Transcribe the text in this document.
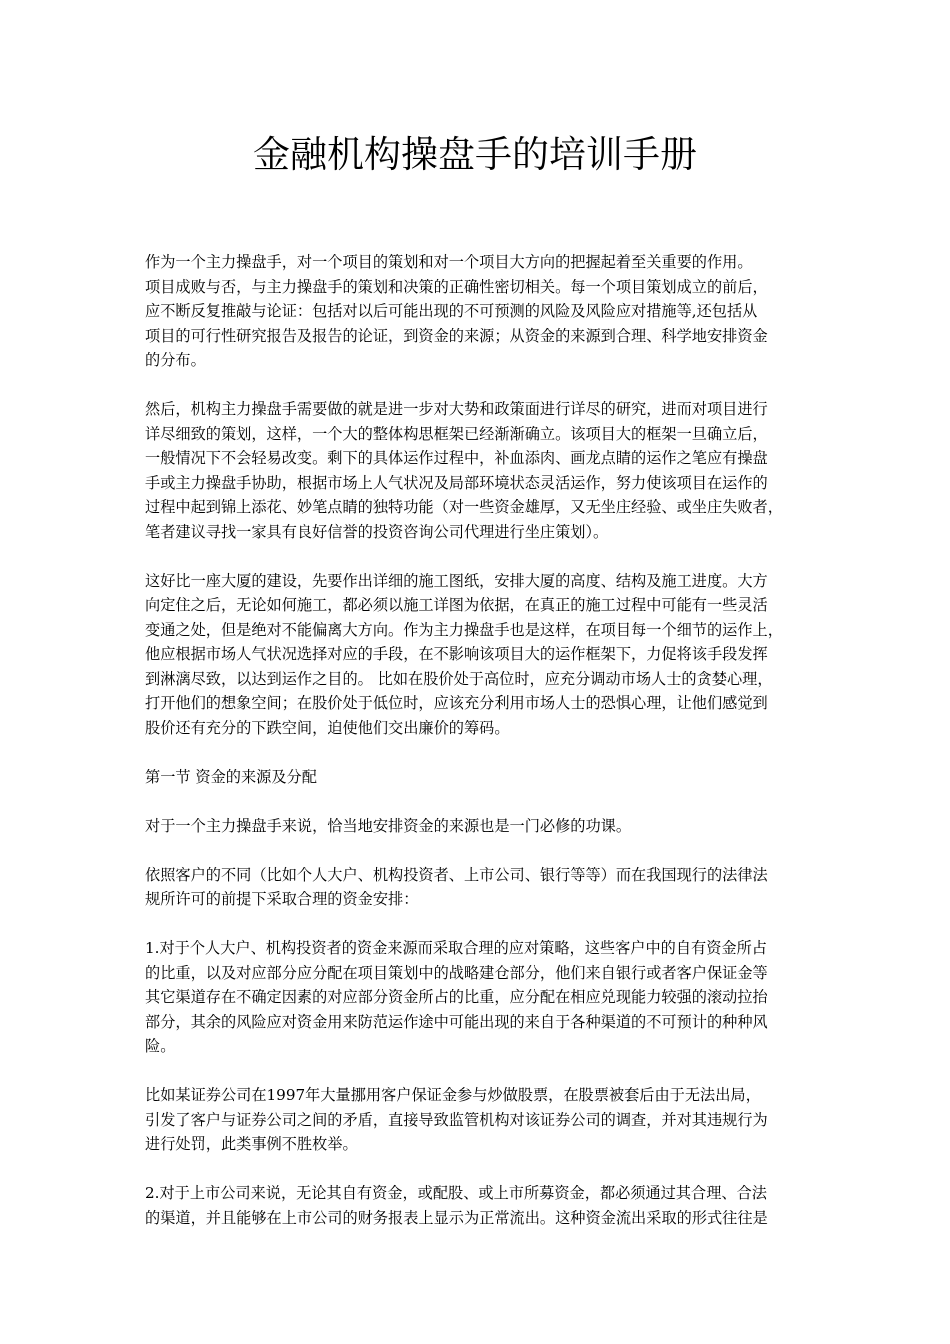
金融机构操盘手的培训手册
作为一个主力操盘手，对一个项目的策划和对一个项目大方向的把握起着至关重要的作用。
项目成败与否，与主力操盘手的策划和决策的正确性密切相关。每一个项目策划成立的前后，
应不断反复推敲与论证：包括对以后可能出现的不可预测的风险及风险应对措施等,还包括从
项目的可行性研究报告及报告的论证，到资金的来源；从资金的来源到合理、科学地安排资金
的分布。
然后，机构主力操盘手需要做的就是进一步对大势和政策面进行详尽的研究，进而对项目进行
详尽细致的策划，这样，一个大的整体构思框架已经渐渐确立。该项目大的框架一旦确立后，
一般情况下不会轻易改变。剩下的具体运作过程中，补血添肉、画龙点睛的运作之笔应有操盘
手或主力操盘手协助，根据市场上人气状况及局部环境状态灵活运作，努力使该项目在运作的
过程中起到锦上添花、妙笔点睛的独特功能（对一些资金雄厚，又无坐庄经验、或坐庄失败者，
笔者建议寻找一家具有良好信誉的投资咨询公司代理进行坐庄策划）。
这好比一座大厦的建设，先要作出详细的施工图纸，安排大厦的高度、结构及施工进度。大方
向定住之后，无论如何施工，都必须以施工详图为依据，在真正的施工过程中可能有一些灵活
变通之处，但是绝对不能偏离大方向。作为主力操盘手也是这样，在项目每一个细节的运作上，
他应根据市场人气状况选择对应的手段，在不影响该项目大的运作框架下，力促将该手段发挥
到淋漓尽致，以达到运作之目的。 比如在股价处于高位时，应充分调动市场人士的贪婪心理，
打开他们的想象空间；在股价处于低位时，应该充分利用市场人士的恐惧心理，让他们感觉到
股价还有充分的下跌空间，迫使他们交出廉价的筹码。
第一节 资金的来源及分配
对于一个主力操盘手来说，恰当地安排资金的来源也是一门必修的功课。
依照客户的不同（比如个人大户、机构投资者、上市公司、银行等等）而在我国现行的法律法
规所许可的前提下采取合理的资金安排：
1.对于个人大户、机构投资者的资金来源而采取合理的应对策略，这些客户中的自有资金所占
的比重，以及对应部分应分配在项目策划中的战略建仓部分，他们来自银行或者客户保证金等
其它渠道存在不确定因素的对应部分资金所占的比重，应分配在相应兑现能力较强的滚动拉抬
部分，其余的风险应对资金用来防范运作途中可能出现的来自于各种渠道的不可预计的种种风
险。
比如某证券公司在1997年大量挪用客户保证金参与炒做股票，在股票被套后由于无法出局，
引发了客户与证券公司之间的矛盾，直接导致监管机构对该证券公司的调查，并对其违规行为
进行处罚，此类事例不胜枚举。
2.对于上市公司来说，无论其自有资金，或配股、或上市所募资金，都必须通过其合理、合法
的渠道，并且能够在上市公司的财务报表上显示为正常流出。这种资金流出采取的形式往往是
